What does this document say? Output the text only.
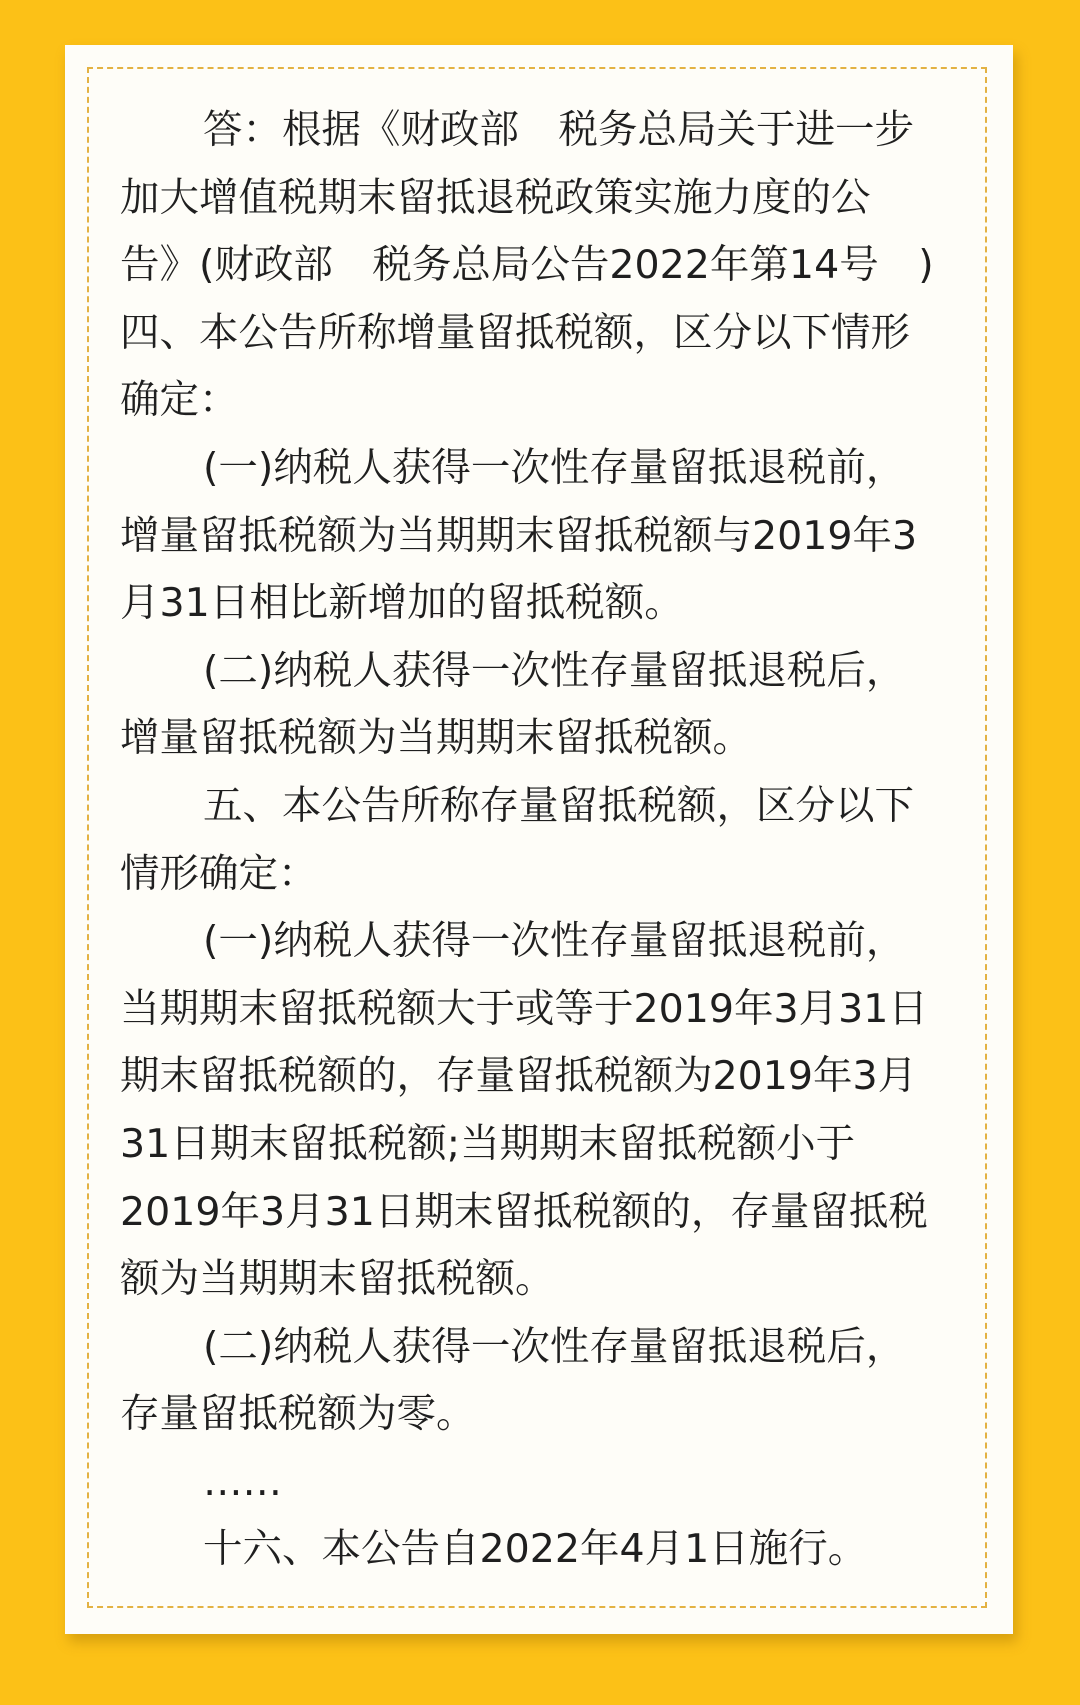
答：根据《财政部　税务总局关于进一步

加大增值税期末留抵退税政策实施力度的公

告》(财政部　税务总局公告2022年第14号　)

四、本公告所称增量留抵税额，区分以下情形

确定：

(一)纳税人获得一次性存量留抵退税前，

增量留抵税额为当期期末留抵税额与2019年3

月31日相比新增加的留抵税额。

(二)纳税人获得一次性存量留抵退税后，

增量留抵税额为当期期末留抵税额。

五、本公告所称存量留抵税额，区分以下

情形确定：

(一)纳税人获得一次性存量留抵退税前，

当期期末留抵税额大于或等于2019年3月31日

期末留抵税额的，存量留抵税额为2019年3月

31日期末留抵税额;当期期末留抵税额小于

2019年3月31日期末留抵税额的，存量留抵税

额为当期期末留抵税额。

(二)纳税人获得一次性存量留抵退税后，

存量留抵税额为零。

……

十六、本公告自2022年4月1日施行。
